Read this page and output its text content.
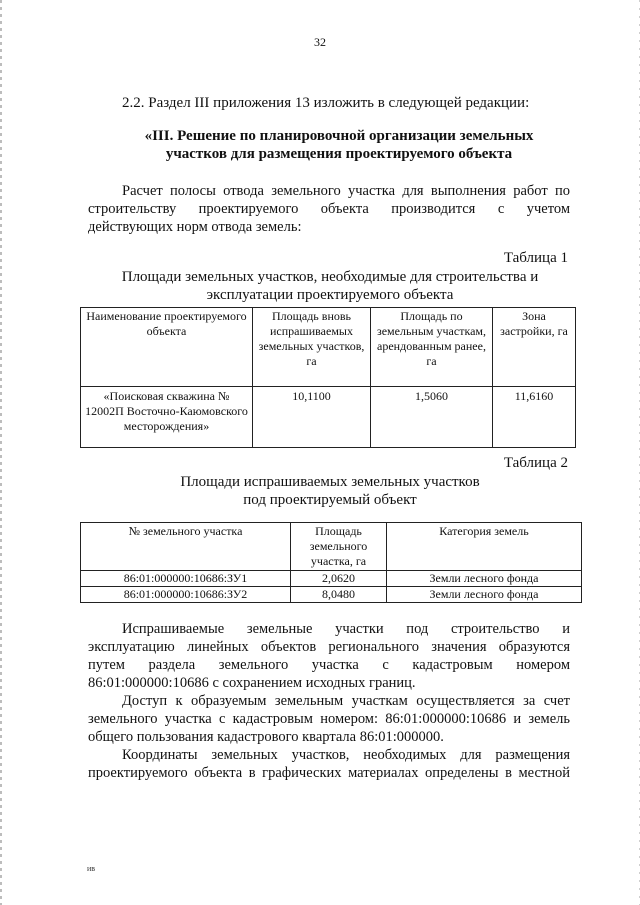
32
2.2. Раздел III приложения 13 изложить в следующей редакции:
«III. Решение по планировочной организации земельных
участков для размещения проектируемого объекта

Расчет полосы отвода земельного участка для выполнения работ по
строительству проектируемого объекта производится с учетом
действующих норм отвода земель:

Таблица 1
Площади земельных участков, необходимые для строительства и
эксплуатации проектируемого объекта
Наименование проектируемого объекта	Площадь вновь испрашиваемых земельных участков, га	Площадь по земельным участкам, арендованным ранее, га	Зона застройки, га
«Поисковая скважина № 12002П Восточно-Каюмовского месторождения»	10,1100	1,5060	11,6160
Таблица 2
Площади испрашиваемых земельных участков
под проектируемый объект
№ земельного участка	Площадь земельного участка, га	Категория земель
86:01:000000:10686:ЗУ1	2,0620	Земли лесного фонда
86:01:000000:10686:ЗУ2	8,0480	Земли лесного фонда

Испрашиваемые земельные участки под строительство и
эксплуатацию линейных объектов регионального значения образуются
путем раздела земельного участка с кадастровым номером
86:01:000000:10686 с сохранением исходных границ.

Доступ к образуемым земельным участкам осуществляется за счет
земельного участка с кадастровым номером: 86:01:000000:10686 и земель
общего пользования кадастрового квартала 86:01:000000.

Координаты земельных участков, необходимых для размещения
проектируемого объекта в графических материалах определены в местной

ив
